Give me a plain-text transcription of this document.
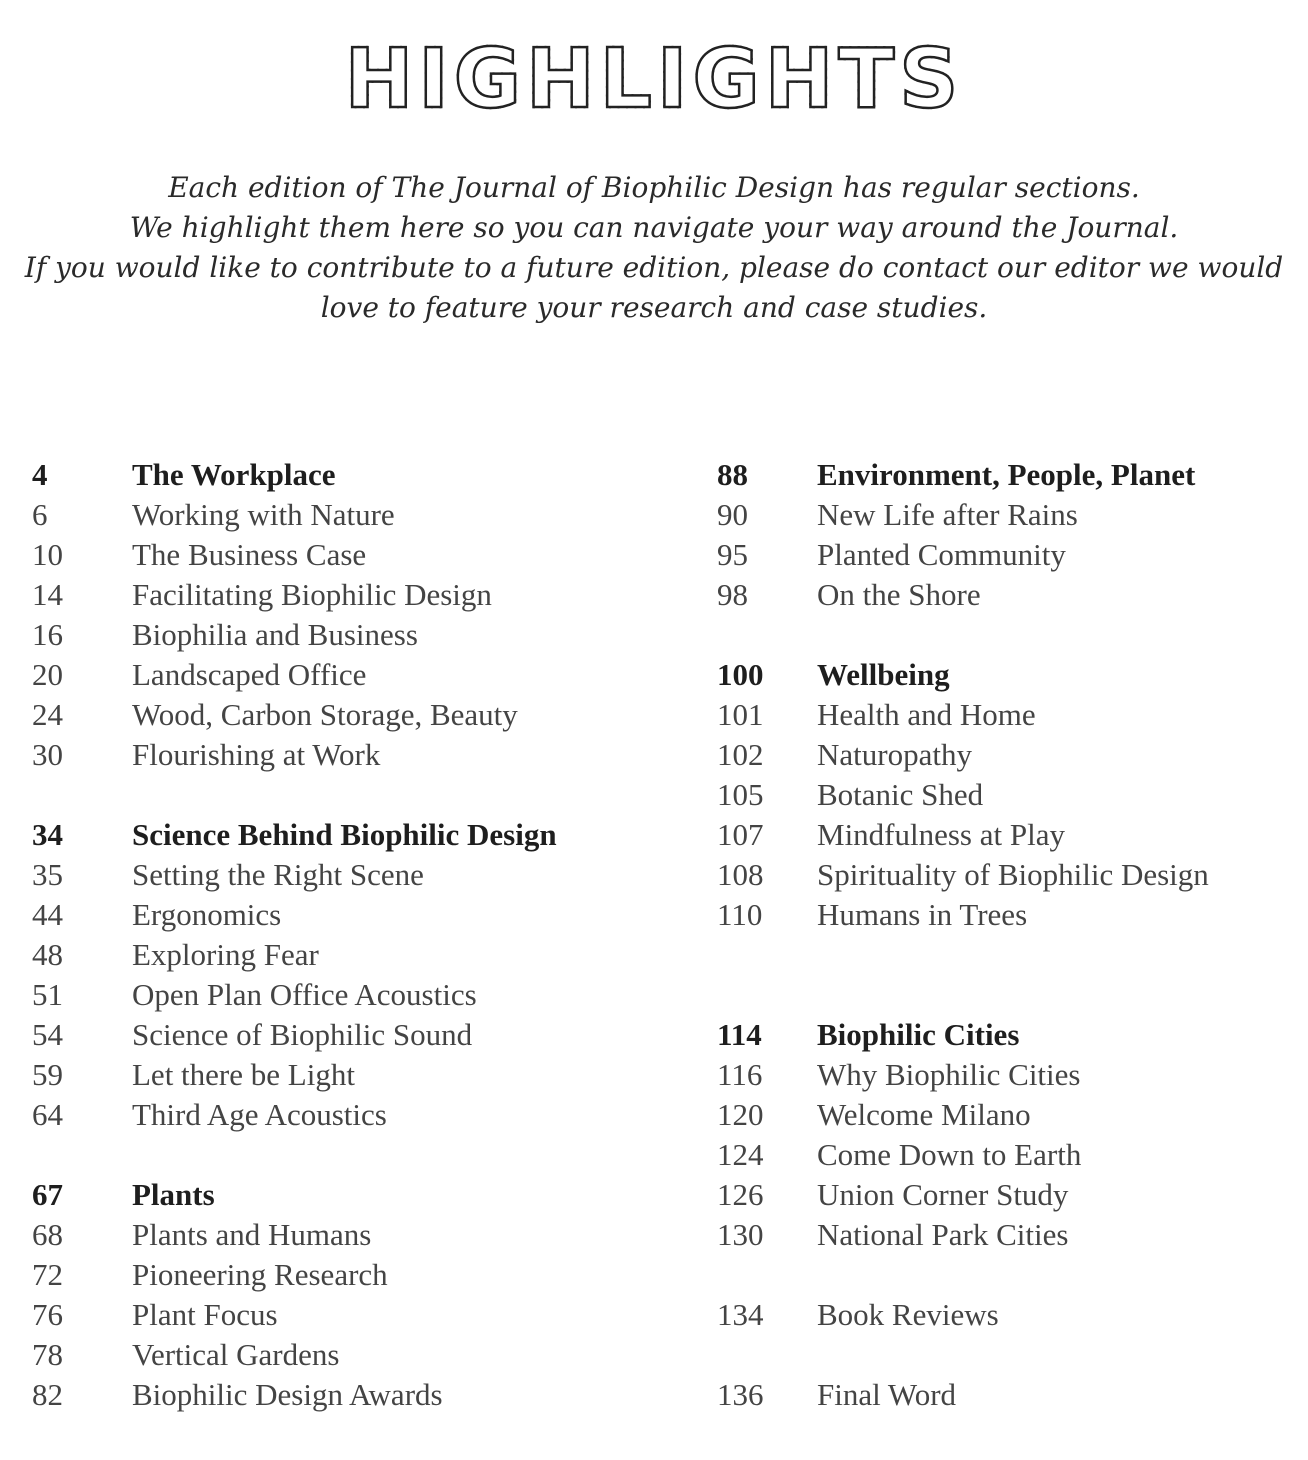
HIGHLIGHTS

Each edition of The Journal of Biophilic Design has regular sections.

We highlight them here so you can navigate your way around the Journal.

If you would like to contribute to a future edition, please do contact our editor we would

love to feature your research and case studies.

4	The Workplace
6	Working with Nature
10	The Business Case
14	Facilitating Biophilic Design
16	Biophilia and Business
20	Landscaped Office
24	Wood, Carbon Storage, Beauty
30	Flourishing at Work
34	Science Behind Biophilic Design
35	Setting the Right Scene
44	Ergonomics
48	Exploring Fear
51	Open Plan Office Acoustics
54	Science of Biophilic Sound
59	Let there be Light
64	Third Age Acoustics
67	Plants
68	Plants and Humans
72	Pioneering Research
76	Plant Focus
78	Vertical Gardens
82	Biophilic Design Awards
88	Environment, People, Planet
90	New Life after Rains
95	Planted Community
98	On the Shore
100	Wellbeing
101	Health and Home
102	Naturopathy
105	Botanic Shed
107	Mindfulness at Play
108	Spirituality of Biophilic Design
110	Humans in Trees
114	Biophilic Cities
116	Why Biophilic Cities
120	Welcome Milano
124	Come Down to Earth
126	Union Corner Study
130	National Park Cities
134	Book Reviews
136	Final Word
